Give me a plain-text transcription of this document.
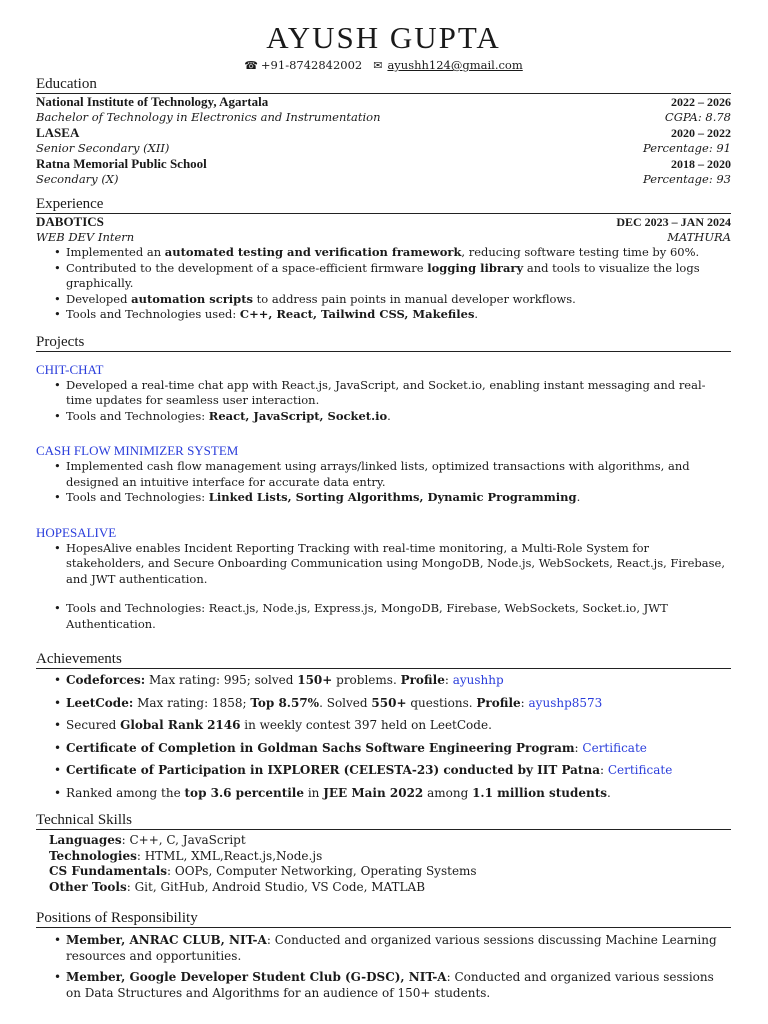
AYUSH GUPTA
☎ +91-8742842002 ✉ ayushh124@gmail.com
Education
National Institute of Technology, Agartala	2022 – 2026
Bachelor of Technology in Electronics and Instrumentation	CGPA: 8.78
LASEA	2020 – 2022
Senior Secondary (XII)	Percentage: 91
Ratna Memorial Public School	2018 – 2020
Secondary (X)	Percentage: 93
Experience
DABOTICS	DEC 2023 – JAN 2024
WEB DEV Intern	MATHURA
• Implemented an automated testing and verification framework, reducing software testing time by 60%.
• Contributed to the development of a space-efficient firmware logging library and tools to visualize the logs graphically.
• Developed automation scripts to address pain points in manual developer workflows.
• Tools and Technologies used: C++, React, Tailwind CSS, Makefiles.
Projects
CHIT-CHAT
• Developed a real-time chat app with React.js, JavaScript, and Socket.io, enabling instant messaging and real-time updates for seamless user interaction.
• Tools and Technologies: React, JavaScript, Socket.io.
CASH FLOW MINIMIZER SYSTEM
• Implemented cash flow management using arrays/linked lists, optimized transactions with algorithms, and designed an intuitive interface for accurate data entry.
• Tools and Technologies: Linked Lists, Sorting Algorithms, Dynamic Programming.
HOPESALIVE
• HopesAlive enables Incident Reporting Tracking with real-time monitoring, a Multi-Role System for stakeholders, and Secure Onboarding Communication using MongoDB, Node.js, WebSockets, React.js, Firebase, and JWT authentication.
• Tools and Technologies: React.js, Node.js, Express.js, MongoDB, Firebase, WebSockets, Socket.io, JWT Authentication.
Achievements
• Codeforces: Max rating: 995; solved 150+ problems. Profile: ayushhp
• LeetCode: Max rating: 1858; Top 8.57%. Solved 550+ questions. Profile: ayushp8573
• Secured Global Rank 2146 in weekly contest 397 held on LeetCode.
• Certificate of Completion in Goldman Sachs Software Engineering Program: Certificate
• Certificate of Participation in IXPLORER (CELESTA-23) conducted by IIT Patna: Certificate
• Ranked among the top 3.6 percentile in JEE Main 2022 among 1.1 million students.
Technical Skills
Languages: C++, C, JavaScript
Technologies: HTML, XML,React.js,Node.js
CS Fundamentals: OOPs, Computer Networking, Operating Systems
Other Tools: Git, GitHub, Android Studio, VS Code, MATLAB
Positions of Responsibility
• Member, ANRAC CLUB, NIT-A: Conducted and organized various sessions discussing Machine Learning resources and opportunities.
• Member, Google Developer Student Club (G-DSC), NIT-A: Conducted and organized various sessions on Data Structures and Algorithms for an audience of 150+ students.
